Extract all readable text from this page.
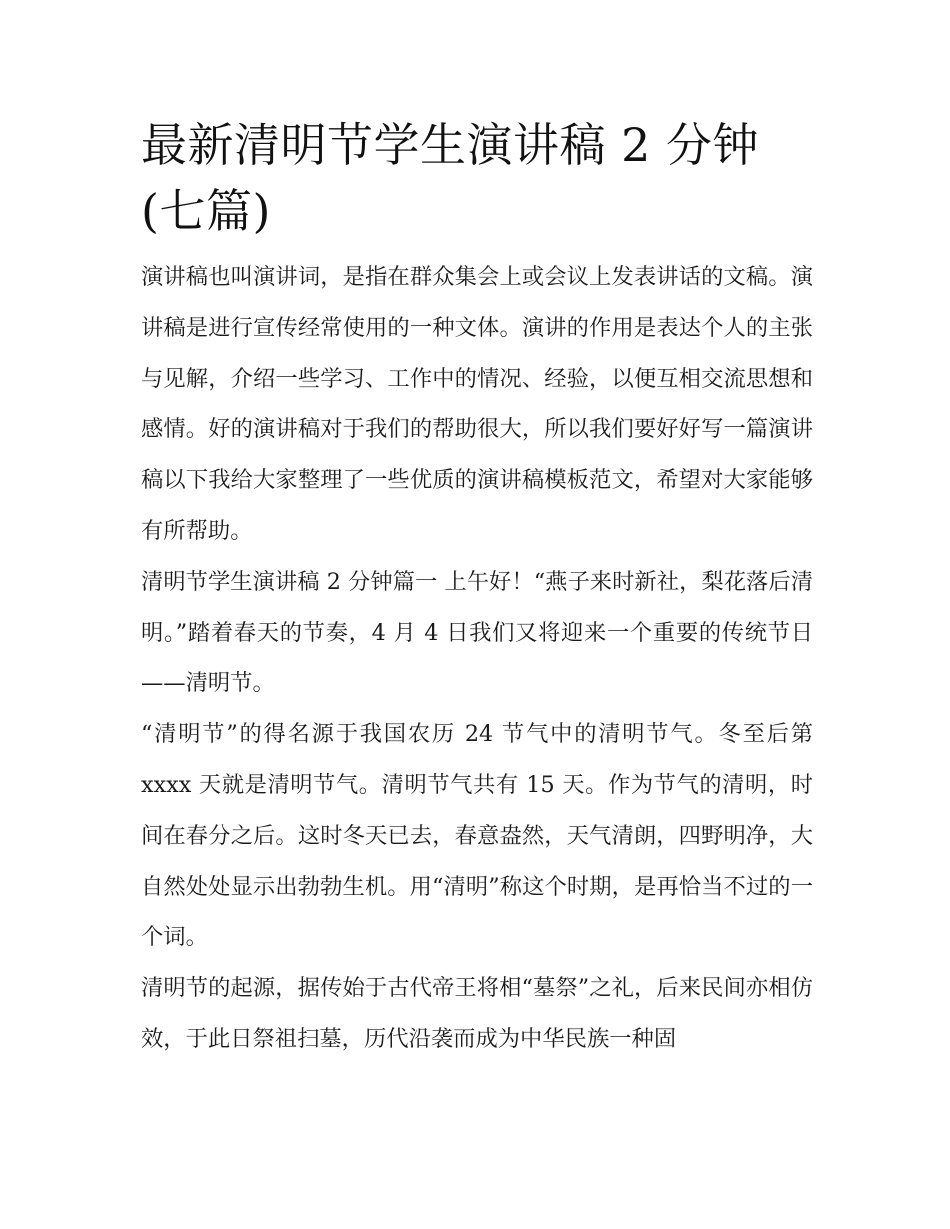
最新清明节学生演讲稿 2 分钟(七篇)

演讲稿也叫演讲词，是指在群众集会上或会议上发表讲话的文稿。演讲稿是进行宣传经常使用的一种文体。演讲的作用是表达个人的主张与见解，介绍一些学习、工作中的情况、经验，以便互相交流思想和感情。好的演讲稿对于我们的帮助很大，所以我们要好好写一篇演讲稿以下我给大家整理了一些优质的演讲稿模板范文，希望对大家能够有所帮助。

清明节学生演讲稿 2 分钟篇一 上午好！“燕子来时新社，梨花落后清明。”踏着春天的节奏，4 月 4 日我们又将迎来一个重要的传统节日——清明节。

“清明节”的得名源于我国农历 24 节气中的清明节气。冬至后第 xxxx 天就是清明节气。清明节气共有 15 天。作为节气的清明，时间在春分之后。这时冬天已去，春意盎然，天气清朗，四野明净，大自然处处显示出勃勃生机。用“清明”称这个时期，是再恰当不过的一个词。

清明节的起源，据传始于古代帝王将相“墓祭”之礼，后来民间亦相仿效，于此日祭祖扫墓，历代沿袭而成为中华民族一种固
